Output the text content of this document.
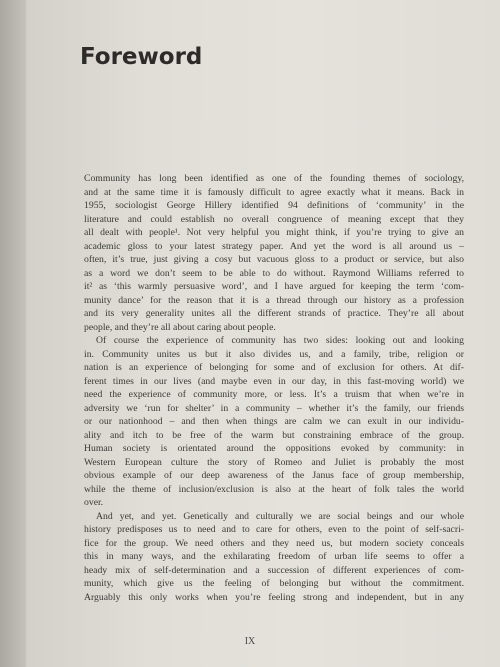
Foreword

Community has long been identified as one of the founding themes of sociology,
and at the same time it is famously difficult to agree exactly what it means. Back in
1955, sociologist George Hillery identified 94 definitions of ‘community’ in the
literature and could establish no overall congruence of meaning except that they
all dealt with people¹. Not very helpful you might think, if you’re trying to give an
academic gloss to your latest strategy paper. And yet the word is all around us –
often, it’s true, just giving a cosy but vacuous gloss to a product or service, but also
as a word we don’t seem to be able to do without. Raymond Williams referred to
it² as ‘this warmly persuasive word’, and I have argued for keeping the term ‘com-
munity dance’ for the reason that it is a thread through our history as a profession
and its very generality unites all the different strands of practice. They’re all about
people, and they’re all about caring about people.

Of course the experience of community has two sides: looking out and looking
in. Community unites us but it also divides us, and a family, tribe, religion or
nation is an experience of belonging for some and of exclusion for others. At dif-
ferent times in our lives (and maybe even in our day, in this fast-moving world) we
need the experience of community more, or less. It’s a truism that when we’re in
adversity we ‘run for shelter’ in a community – whether it’s the family, our friends
or our nationhood – and then when things are calm we can exult in our individu-
ality and itch to be free of the warm but constraining embrace of the group.
Human society is orientated around the oppositions evoked by community: in
Western European culture the story of Romeo and Juliet is probably the most
obvious example of our deep awareness of the Janus face of group membership,
while the theme of inclusion/exclusion is also at the heart of folk tales the world
over.

And yet, and yet. Genetically and culturally we are social beings and our whole
history predisposes us to need and to care for others, even to the point of self-sacri-
fice for the group. We need others and they need us, but modern society conceals
this in many ways, and the exhilarating freedom of urban life seems to offer a
heady mix of self-determination and a succession of different experiences of com-
munity, which give us the feeling of belonging but without the commitment.
Arguably this only works when you’re feeling strong and independent, but in any

IX
